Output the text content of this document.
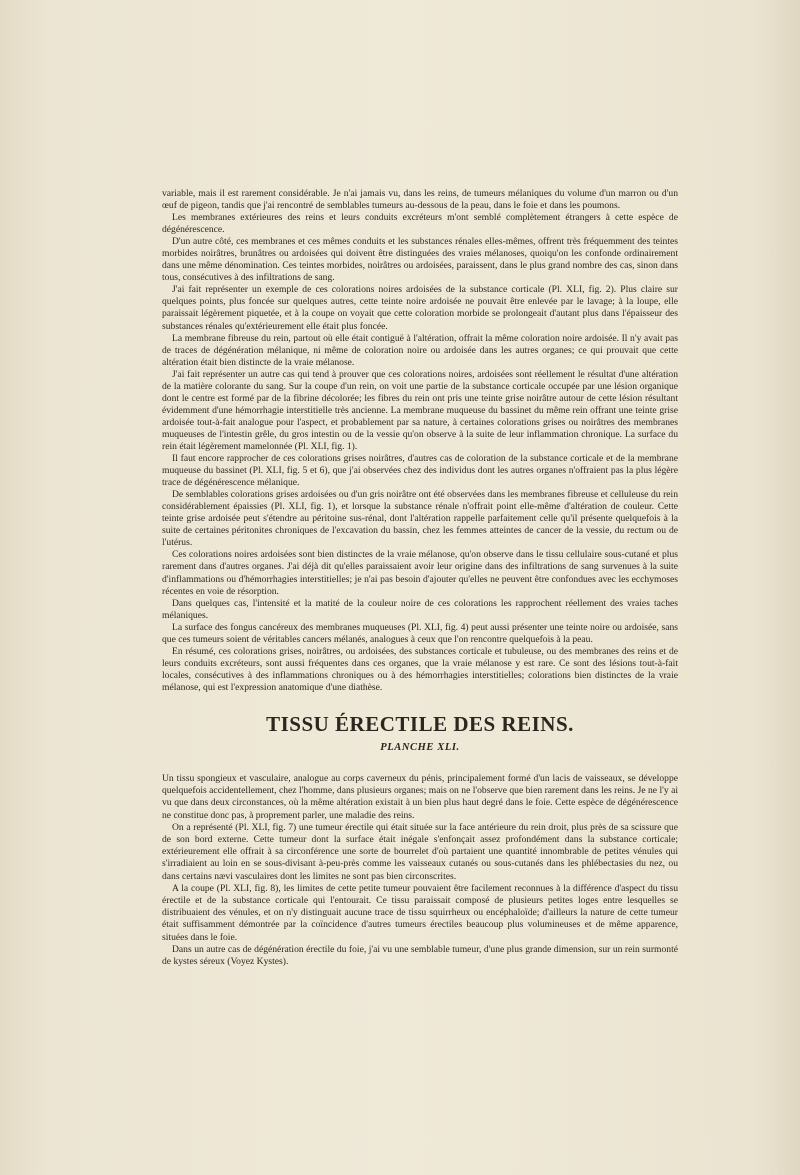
variable, mais il est rarement considérable. Je n'ai jamais vu, dans les reins, de tumeurs mélaniques du volume d'un marron ou d'un œuf de pigeon, tandis que j'ai rencontré de semblables tumeurs au-dessous de la peau, dans le foie et dans les poumons.

Les membranes extérieures des reins et leurs conduits excréteurs m'ont semblé complètement étrangers à cette espèce de dégénérescence.

D'un autre côté, ces membranes et ces mêmes conduits et les substances rénales elles-mêmes, offrent très fréquemment des teintes morbides noirâtres, brunâtres ou ardoisées qui doivent être distinguées des vraies mélanoses, quoiqu'on les confonde ordinairement dans une même dénomination. Ces teintes morbides, noirâtres ou ardoisées, paraissent, dans le plus grand nombre des cas, sinon dans tous, consécutives à des infiltrations de sang.

J'ai fait représenter un exemple de ces colorations noires ardoisées de la substance corticale (Pl. XLI, fig. 2). Plus claire sur quelques points, plus foncée sur quelques autres, cette teinte noire ardoisée ne pouvait être enlevée par le lavage; à la loupe, elle paraissait légèrement piquetée, et à la coupe on voyait que cette coloration morbide se prolongeait d'autant plus dans l'épaisseur des substances rénales qu'extérieurement elle était plus foncée.

La membrane fibreuse du rein, partout où elle était contiguë à l'altération, offrait la même coloration noire ardoisée. Il n'y avait pas de traces de dégénération mélanique, ni même de coloration noire ou ardoisée dans les autres organes; ce qui prouvait que cette altération était bien distincte de la vraie mélanose.

J'ai fait représenter un autre cas qui tend à prouver que ces colorations noires, ardoisées sont réellement le résultat d'une altération de la matière colorante du sang. Sur la coupe d'un rein, on voit une partie de la substance corticale occupée par une lésion organique dont le centre est formé par de la fibrine décolorée; les fibres du rein ont pris une teinte grise noirâtre autour de cette lésion résultant évidemment d'une hémorrhagie interstitielle très ancienne. La membrane muqueuse du bassinet du même rein offrant une teinte grise ardoisée tout-à-fait analogue pour l'aspect, et probablement par sa nature, à certaines colorations grises ou noirâtres des membranes muqueuses de l'intestin grêle, du gros intestin ou de la vessie qu'on observe à la suite de leur inflammation chronique. La surface du rein était légèrement mamelonnée (Pl. XLI, fig. 1).

Il faut encore rapprocher de ces colorations grises noirâtres, d'autres cas de coloration de la substance corticale et de la membrane muqueuse du bassinet (Pl. XLI, fig. 5 et 6), que j'ai observées chez des individus dont les autres organes n'offraient pas la plus légère trace de dégénérescence mélanique.

De semblables colorations grises ardoisées ou d'un gris noirâtre ont été observées dans les membranes fibreuse et celluleuse du rein considérablement épaissies (Pl. XLI, fig. 1), et lorsque la substance rénale n'offrait point elle-même d'altération de couleur. Cette teinte grise ardoisée peut s'étendre au péritoine sus-rénal, dont l'altération rappelle parfaitement celle qu'il présente quelquefois à la suite de certaines péritonites chroniques de l'excavation du bassin, chez les femmes atteintes de cancer de la vessie, du rectum ou de l'utérus.

Ces colorations noires ardoisées sont bien distinctes de la vraie mélanose, qu'on observe dans le tissu cellulaire sous-cutané et plus rarement dans d'autres organes. J'ai déjà dit qu'elles paraissaient avoir leur origine dans des infiltrations de sang survenues à la suite d'inflammations ou d'hémorrhagies interstitielles; je n'ai pas besoin d'ajouter qu'elles ne peuvent être confondues avec les ecchymoses récentes en voie de résorption.

Dans quelques cas, l'intensité et la matité de la couleur noire de ces colorations les rapprochent réellement des vraies taches mélaniques.

La surface des fongus cancéreux des membranes muqueuses (Pl. XLI, fig. 4) peut aussi présenter une teinte noire ou ardoisée, sans que ces tumeurs soient de véritables cancers mélanés, analogues à ceux que l'on rencontre quelquefois à la peau.

En résumé, ces colorations grises, noirâtres, ou ardoisées, des substances corticale et tubuleuse, ou des membranes des reins et de leurs conduits excréteurs, sont aussi fréquentes dans ces organes, que la vraie mélanose y est rare. Ce sont des lésions tout-à-fait locales, consécutives à des inflammations chroniques ou à des hémorrhagies interstitielles; colorations bien distinctes de la vraie mélanose, qui est l'expression anatomique d'une diathèse.

TISSU ÉRECTILE DES REINS.
PLANCHE XLI.

Un tissu spongieux et vasculaire, analogue au corps caverneux du pénis, principalement formé d'un lacis de vaisseaux, se développe quelquefois accidentellement, chez l'homme, dans plusieurs organes; mais on ne l'observe que bien rarement dans les reins. Je ne l'y ai vu que dans deux circonstances, où la même altération existait à un bien plus haut degré dans le foie. Cette espèce de dégénérescence ne constitue donc pas, à proprement parler, une maladie des reins.

On a représenté (Pl. XLI, fig. 7) une tumeur érectile qui était située sur la face antérieure du rein droit, plus près de sa scissure que de son bord externe. Cette tumeur dont la surface était inégale s'enfonçait assez profondément dans la substance corticale; extérieurement elle offrait à sa circonférence une sorte de bourrelet d'où partaient une quantité innombrable de petites vénules qui s'irradiaient au loin en se sous-divisant à-peu-près comme les vaisseaux cutanés ou sous-cutanés dans les phlébectasies du nez, ou dans certains nævi vasculaires dont les limites ne sont pas bien circonscrites.

A la coupe (Pl. XLI, fig. 8), les limites de cette petite tumeur pouvaient être facilement reconnues à la différence d'aspect du tissu érectile et de la substance corticale qui l'entourait. Ce tissu paraissait composé de plusieurs petites loges entre lesquelles se distribuaient des vénules, et on n'y distinguait aucune trace de tissu squirrheux ou encéphaloïde; d'ailleurs la nature de cette tumeur était suffisamment démontrée par la coïncidence d'autres tumeurs érectiles beaucoup plus volumineuses et de même apparence, situées dans le foie.

Dans un autre cas de dégénération érectile du foie, j'ai vu une semblable tumeur, d'une plus grande dimension, sur un rein surmonté de kystes séreux (Voyez Kystes).
